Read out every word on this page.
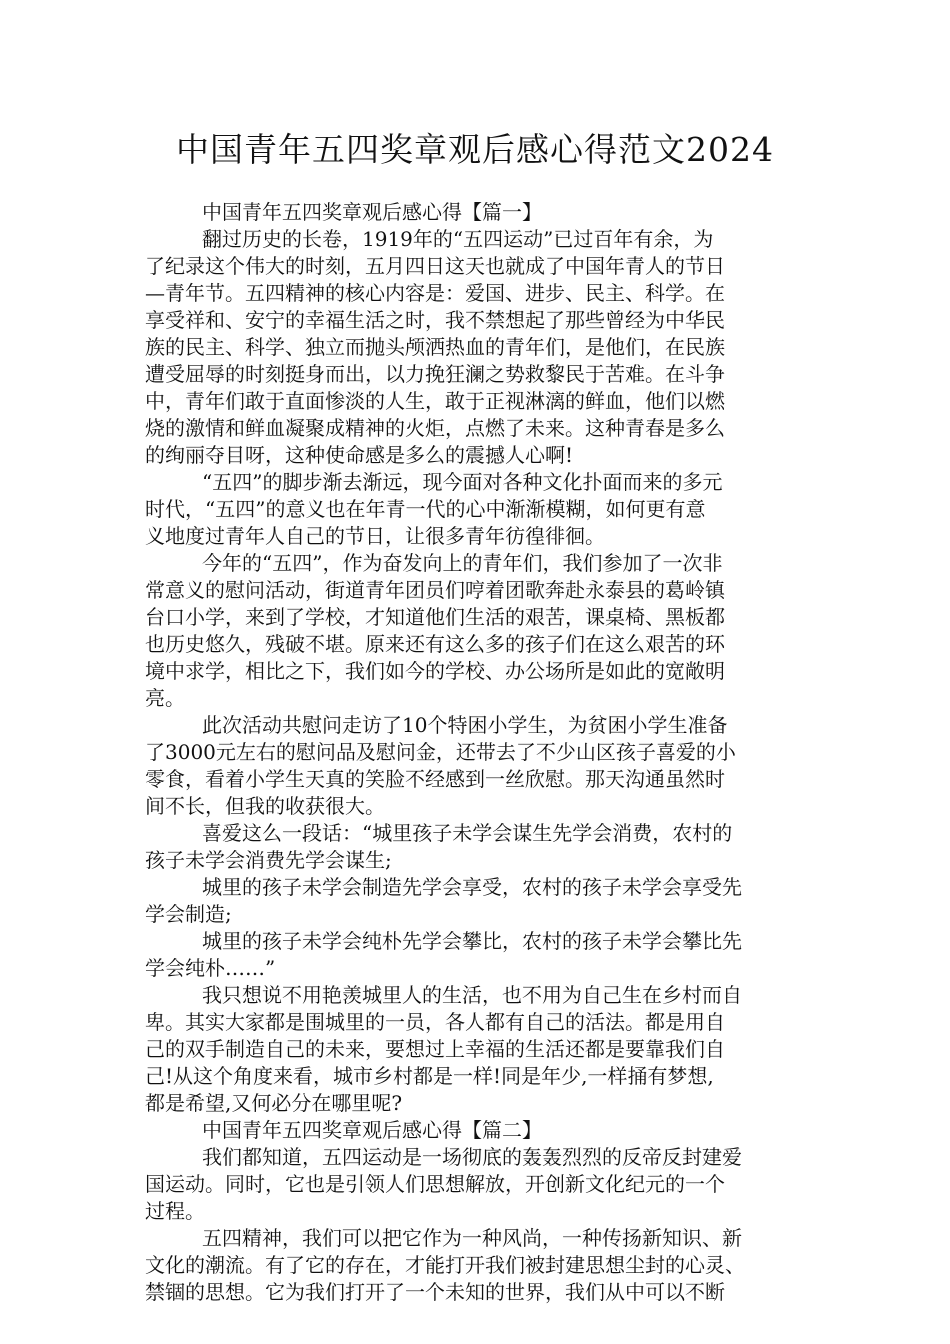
中国青年五四奖章观后感心得范文2024
中国青年五四奖章观后感心得【篇一】
翻过历史的长卷，1919年的“五四运动”已过百年有余，为
了纪录这个伟大的时刻，五月四日这天也就成了中国年青人的节日
—青年节。五四精神的核心内容是：爱国、进步、民主、科学。在
享受祥和、安宁的幸福生活之时，我不禁想起了那些曾经为中华民
族的民主、科学、独立而抛头颅洒热血的青年们，是他们，在民族
遭受屈辱的时刻挺身而出，以力挽狂澜之势救黎民于苦难。在斗争
中，青年们敢于直面惨淡的人生，敢于正视淋漓的鲜血，他们以燃
烧的激情和鲜血凝聚成精神的火炬，点燃了未来。这种青春是多么
的绚丽夺目呀，这种使命感是多么的震撼人心啊!
“五四”的脚步渐去渐远，现今面对各种文化扑面而来的多元
时代，“五四”的意义也在年青一代的心中渐渐模糊，如何更有意
义地度过青年人自己的节日，让很多青年彷徨徘徊。
今年的“五四”，作为奋发向上的青年们，我们参加了一次非
常意义的慰问活动，街道青年团员们哼着团歌奔赴永泰县的葛岭镇
台口小学，来到了学校，才知道他们生活的艰苦，课桌椅、黑板都
也历史悠久，残破不堪。原来还有这么多的孩子们在这么艰苦的环
境中求学，相比之下，我们如今的学校、办公场所是如此的宽敞明
亮。
此次活动共慰问走访了10个特困小学生，为贫困小学生准备
了3000元左右的慰问品及慰问金，还带去了不少山区孩子喜爱的小
零食，看着小学生天真的笑脸不经感到一丝欣慰。那天沟通虽然时
间不长，但我的收获很大。
喜爱这么一段话：“城里孩子未学会谋生先学会消费，农村的
孩子未学会消费先学会谋生;
城里的孩子未学会制造先学会享受，农村的孩子未学会享受先
学会制造;
城里的孩子未学会纯朴先学会攀比，农村的孩子未学会攀比先
学会纯朴……”
我只想说不用艳羡城里人的生活，也不用为自己生在乡村而自
卑。其实大家都是围城里的一员，各人都有自己的活法。都是用自
己的双手制造自己的未来，要想过上幸福的生活还都是要靠我们自
己!从这个角度来看，城市乡村都是一样!同是年少,一样捅有梦想,
都是希望,又何必分在哪里呢?
中国青年五四奖章观后感心得【篇二】
我们都知道，五四运动是一场彻底的轰轰烈烈的反帝反封建爱
国运动。同时，它也是引领人们思想解放，开创新文化纪元的一个
过程。
五四精神，我们可以把它作为一种风尚，一种传扬新知识、新
文化的潮流。有了它的存在，才能打开我们被封建思想尘封的心灵、
禁锢的思想。它为我们打开了一个未知的世界，我们从中可以不断
